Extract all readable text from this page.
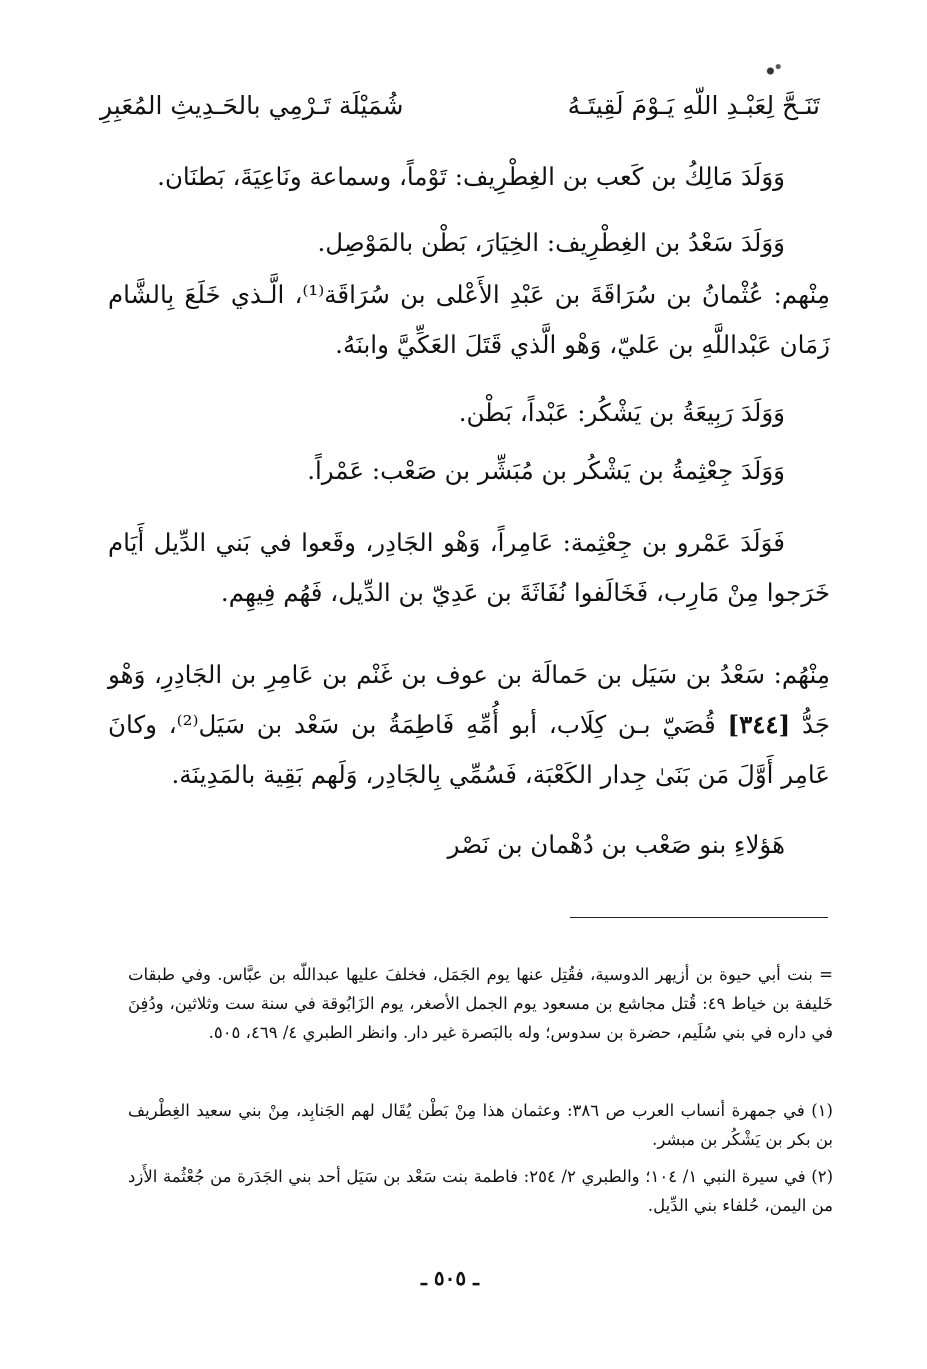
تَنَـحَّ لِعَبْـدِ اللّهِ يَـوْمَ لَقِيتَـهُ
شُمَيْلَة تَـرْمِي بالحَـدِيثِ المُعَبِرِ
وَوَلَدَ مَالِكُ بن كَعب بن الغِطْرِيف: تَوْماً، وسماعة ونَاعِيَةَ، بَطنَان.
وَوَلَدَ سَعْدُ بن الغِطْرِيف: الخِيَارَ، بَطْن بالمَوْصِل.
مِنْهم: عُثْمانُ بن سُرَاقَةَ بن عَبْدِ الأَعْلى بن سُرَاقَة⁽¹⁾، الَّـذي خَلَعَ بِالشَّام زَمَان عَبْداللَّهِ بن عَليّ، وَهْو الَّذي قَتَلَ العَكِّيَّ وابنَهُ.
وَوَلَدَ رَبِيعَةُ بن يَشْكُر: عَبْداً، بَطْن.
وَوَلَدَ جِعْثِمةُ بن يَشْكُر بن مُبَشِّر بن صَعْب: عَمْراً.
فَوَلَدَ عَمْرو بن جِعْثِمة: عَامِراً، وَهْو الجَادِر، وقَعوا في بَني الدِّيل أَيَام خَرَجوا مِنْ مَارِب، فَخَالَفوا نُفَاثَةَ بن عَدِيّ بن الدِّيل، فَهُم فِيهِم.
مِنْهُم: سَعْدُ بن سَيَل بن حَمالَة بن عوف بن غَنْم بن عَامِرِ بن الجَادِرِ، وَهْو جَدُّ [٣٤٤] قُصَيّ بـن كِلَاب، أبو أُمِّهِ فَاطِمَةُ بن سَعْد بن سَيَل⁽²⁾، وكانَ عَامِر أَوَّلَ مَن بَنَىٰ جِدار الكَعْبَة، فَسُمِّي بِالجَادِر، وَلَهم بَقِية بالمَدِينَة.
هَؤلاءِ بنو صَعْب بن دُهْمان بن نَصْر
= بنت أبي حيوة بن أزيهر الدوسية، فقُتِل عنها يوم الجَمَل، فخلفَ عليها عبداللّه بن عبَّاس. وفي طبقات خَليفة بن خياط ٤٩: قُتل مجاشع بن مسعود يوم الجمل الأصغر، يوم الزَابُوقة في سنة ست وثلاثين، ودُفِنَ في داره في بني سُلَيم، حضرة بن سدوس؛ وله بالبَصرة غير دار. وانظر الطبري ٤/ ٤٦٩، ٥٠٥.
(١) في جمهرة أنساب العرب ص ٣٨٦: وعثمان هذا مِنْ بَطْن يُقَال لهم الجَنابِد، مِنْ بني سعيد الغِطْريف بن بكر بن يَشْكُر بن مبشر.
(٢) في سيرة النبي ١/ ١٠٤؛ والطبري ٢/ ٢٥٤: فاطمة بنت سَعْد بن سَيَل أحد بني الجَدَرة من جُعْثُمة الأَزد من اليمن، حُلفاء بني الدِّيل.
ـ ٥٠٥ ـ
